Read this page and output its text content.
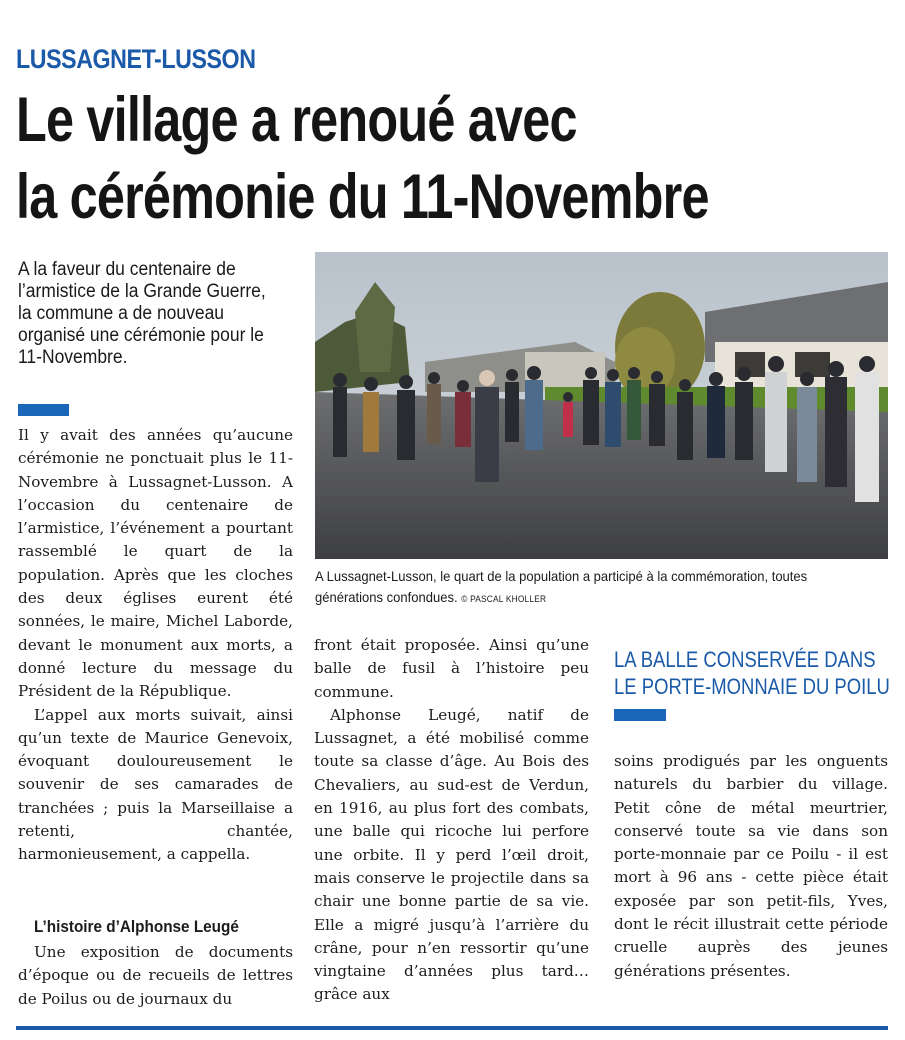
LUSSAGNET-LUSSON
Le village a renoué avec
la cérémonie du 11-Novembre
A la faveur du centenaire de l’armistice de la Grande Guerre, la commune a de nouveau organisé une cérémonie pour le 11-Novembre.
A Lussagnet-Lusson, le quart de la population a participé à la commémoration, toutes générations confondues. © PASCAL KHOLLER

Il y avait des années qu’aucune cérémonie ne ponctuait plus le 11-Novembre à Lussagnet-Lusson. A l’occasion du centenaire de l’armistice, l’événement a pourtant rassemblé le quart de la population. Après que les cloches des deux églises eurent été sonnées, le maire, Michel Laborde, devant le monument aux morts, a donné lecture du message du Président de la République.

L’appel aux morts suivait, ainsi qu’un texte de Maurice Genevoix, évoquant douloureusement le souvenir de ses camarades de tranchées ; puis la Marseillaise a retenti, chantée, harmonieusement, a cappella.

L’histoire d’Alphonse Leugé

Une exposition de documents d’époque ou de recueils de lettres de Poilus ou de journaux du

front était proposée. Ainsi qu’une balle de fusil à l’histoire peu commune.

Alphonse Leugé, natif de Lussagnet, a été mobilisé comme toute sa classe d’âge. Au Bois des Chevaliers, au sud-est de Verdun, en 1916, au plus fort des combats, une balle qui ricoche lui perfore une orbite. Il y perd l’œil droit, mais conserve le projectile dans sa chair une bonne partie de sa vie. Elle a migré jusqu’à l’arrière du crâne, pour n’en ressortir qu’une vingtaine d’années plus tard… grâce aux

LA BALLE CONSERVÉE DANS
LE PORTE-MONNAIE DU POILU

soins prodigués par les onguents naturels du barbier du village. Petit cône de métal meurtrier, conservé toute sa vie dans son porte-monnaie par ce Poilu - il est mort à 96 ans - cette pièce était exposée par son petit-fils, Yves, dont le récit illustrait cette période cruelle auprès des jeunes générations présentes.
